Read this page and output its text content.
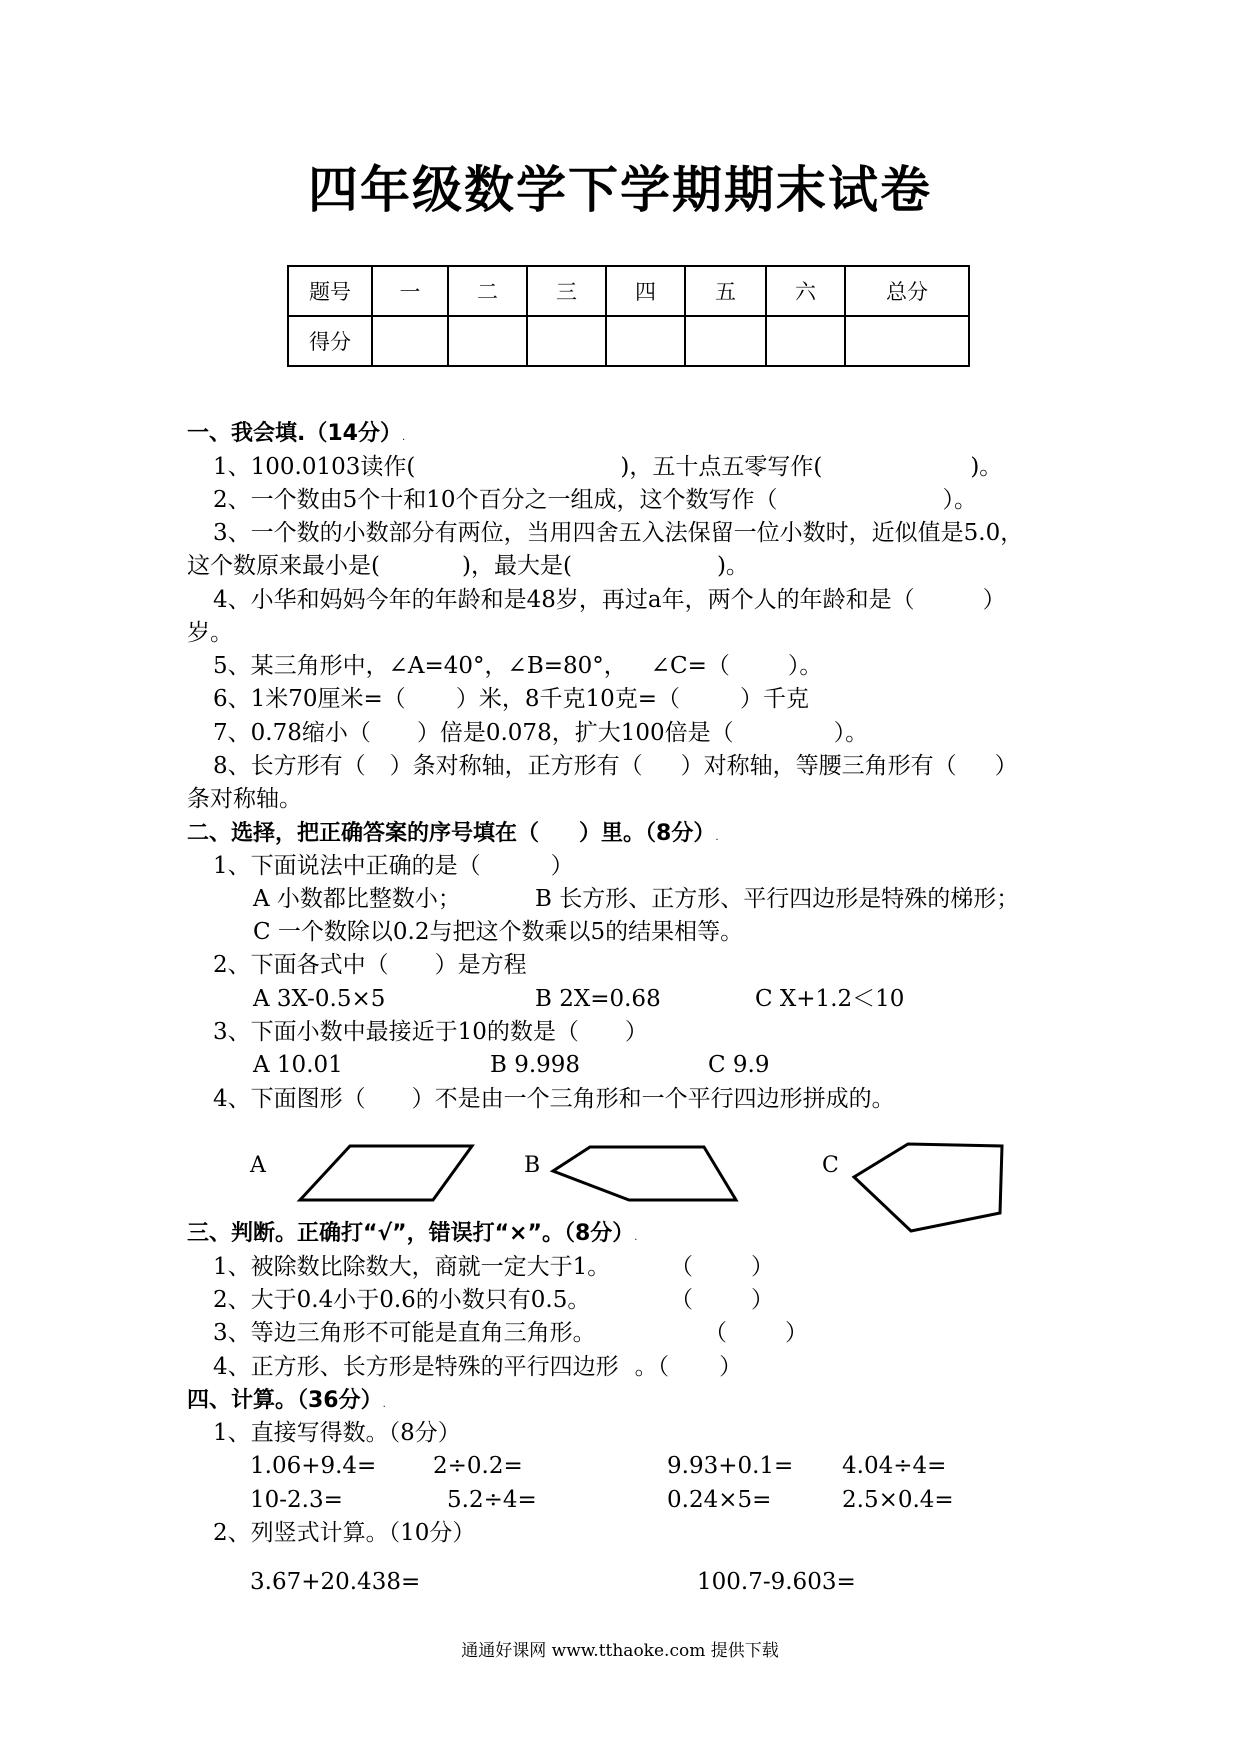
四年级数学下学期期末试卷
题号	一	二	三	四	五	六	总分
得分							
一、我会填.（14分）.
1、100.0103读作(	)，五十点五零写作(	)。
2、一个数由5个十和10个百分之一组成，这个数写作（	）。
3、一个数的小数部分有两位，当用四舍五入法保留一位小数时，近似值是5.0，
这个数原来最小是(	)，最大是(	)。
4、小华和妈妈今年的年龄和是48岁，再过a年，两个人的年龄和是（	）
岁。
5、某三角形中，∠A=40°，∠B=80°， ∠C=（	）。
6、1米70厘米=（ ）米，8千克10克=（	）千克
7、0.78缩小（ ）倍是0.078，扩大100倍是（	）。
8、长方形有（ ）条对称轴，正方形有（ ）对称轴，等腰三角形有（ ）
条对称轴。
二、选择，把正确答案的序号填在（ ）里。（8分）.
1、下面说法中正确的是（	）
A 小数都比整数小；	B 长方形、正方形、平行四边形是特殊的梯形；
C 一个数除以0.2与把这个数乘以5的结果相等。
2、下面各式中（ ）是方程
A 3X-0.5×5	B 2X=0.68	C X+1.2＜10
3、下面小数中最接近于10的数是（ ）
A 10.01	B 9.998	C 9.9
4、下面图形（ ）不是由一个三角形和一个平行四边形拼成的。
A	B	C
三、判断。正确打“√”，错误打“×”。（8分）.
1、被除数比除数大，商就一定大于1。	（	）
2、大于0.4小于0.6的小数只有0.5。	（	）
3、等边三角形不可能是直角三角形。	（	）
4、正方形、长方形是特殊的平行四边形 。（ ）
四、计算。（36分）.
1、直接写得数。（8分）
1.06+9.4= 2÷0.2=	9.93+0.1= 4.04÷4=
10-2.3=	5.2÷4=	0.24×5=	2.5×0.4=
2、列竖式计算。（10分）
3.67+20.438=	100.7-9.603=
通通好课网 www.tthaoke.com 提供下载
